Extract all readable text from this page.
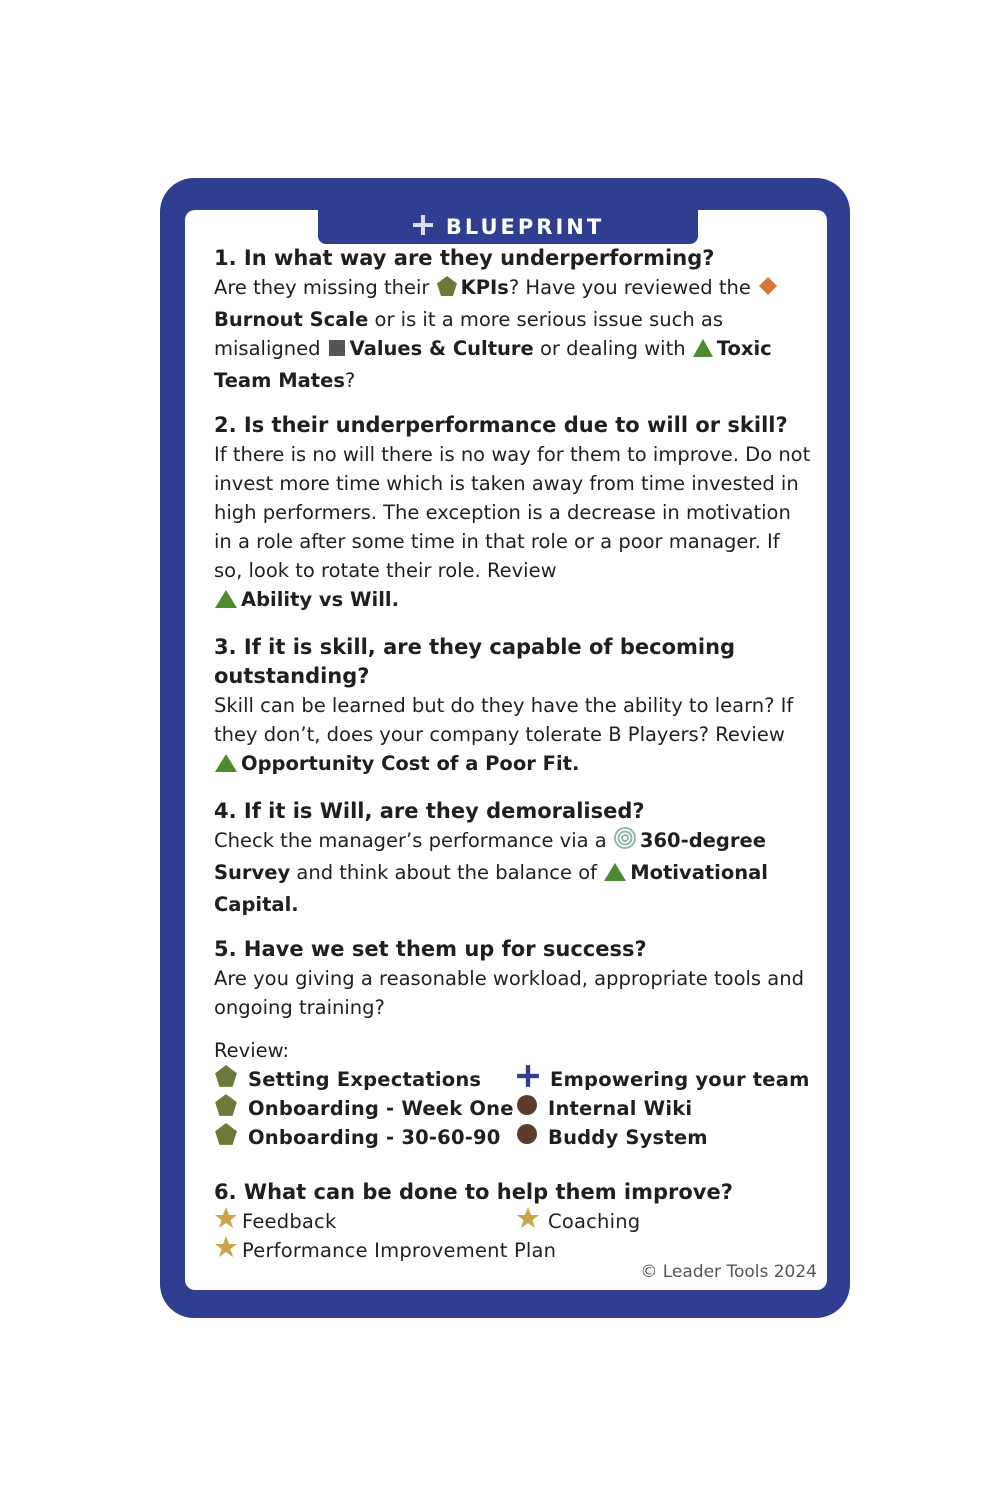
BLUEPRINT

1. In what way are they underperforming?

Are they missing their KPIs? Have you reviewed the Burnout Scale or is it a more serious issue such as misaligned Values & Culture or dealing with Toxic Team Mates?

2. Is their underperformance due to will or skill?

If there is no will there is no way for them to improve. Do not invest more time which is taken away from time invested in high performers. The exception is a decrease in motivation in a role after some time in that role or a poor manager. If so, look to rotate their role. Review
Ability vs Will.

3. If it is skill, are they capable of becoming outstanding?

Skill can be learned but do they have the ability to learn? If they don’t, does your company tolerate B Players? Review Opportunity Cost of a Poor Fit.

4. If it is Will, are they demoralised?

Check the manager’s performance via a 360-degree Survey and think about the balance of Motivational Capital.

5. Have we set them up for success?

Are you giving a reasonable workload, appropriate tools and ongoing training?

Review:

Setting Expectations	Empowering your team
Onboarding - Week One Internal Wiki
Onboarding - 30-60-90 Buddy System

6. What can be done to help them improve?

Feedback	Coaching
Performance Improvement Plan
© Leader Tools 2024
